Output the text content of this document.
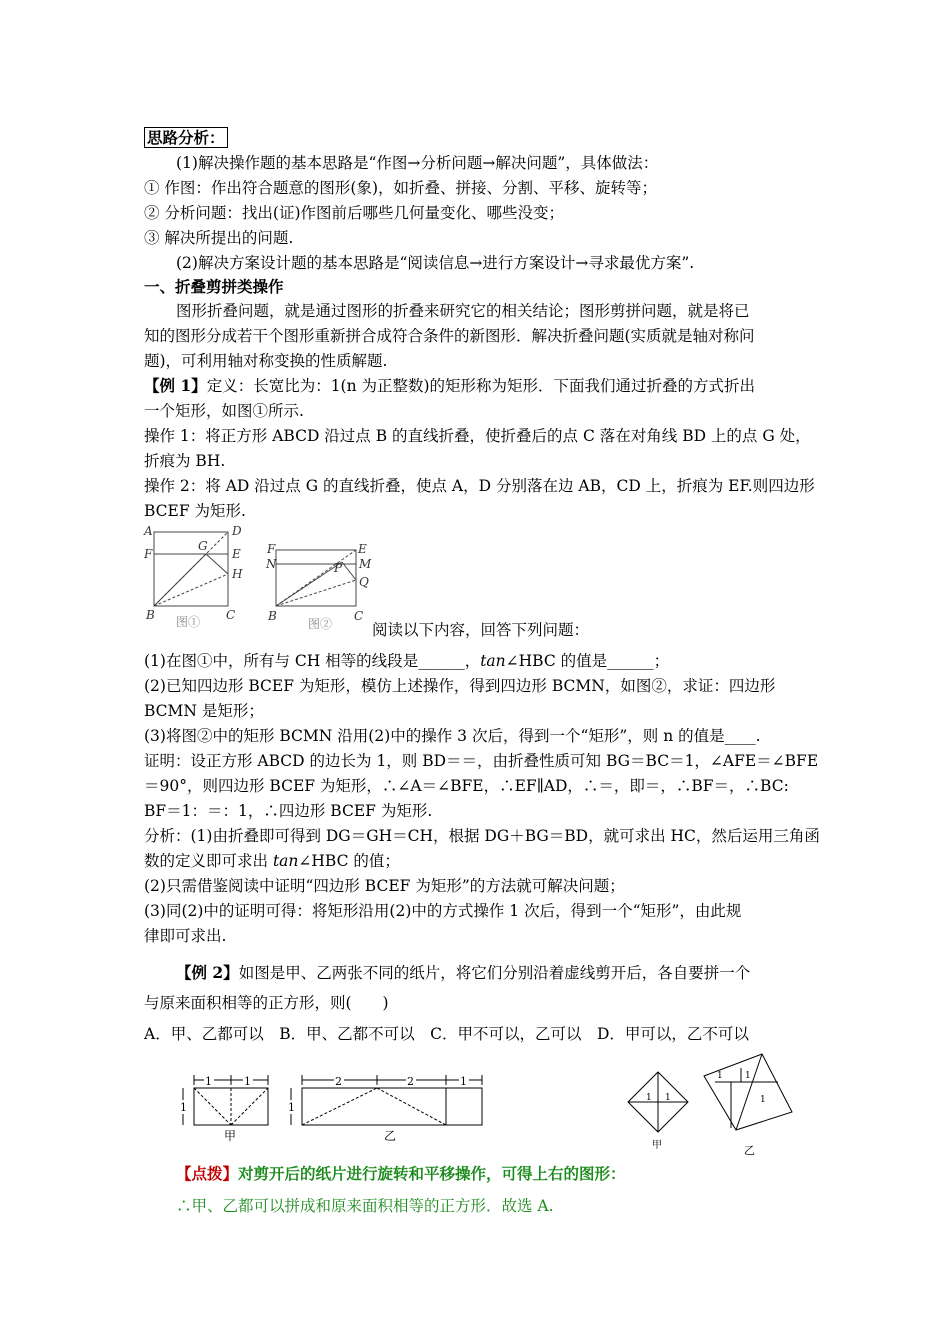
思路分析：
(1)解决操作题的基本思路是“作图→分析问题→解决问题”，具体做法：
① 作图：作出符合题意的图形(象)，如折叠、拼接、分割、平移、旋转等；
② 分析问题：找出(证)作图前后哪些几何量变化、哪些没变；
③ 解决所提出的问题.
(2)解决方案设计题的基本思路是“阅读信息→进行方案设计→寻求最优方案”.
一、折叠剪拼类操作
图形折叠问题，就是通过图形的折叠来研究它的相关结论；图形剪拼问题，就是将已
知的图形分成若干个图形重新拼合成符合条件的新图形．解决折叠问题(实质就是轴对称问
题)，可利用轴对称变换的性质解题.
【例 1】定义：长宽比为：1(n 为正整数)的矩形称为矩形．下面我们通过折叠的方式折出
一个矩形，如图①所示.
操作 1：将正方形 ABCD 沿过点 B 的直线折叠，使折叠后的点 C 落在对角线 BD 上的点 G 处，
折痕为 BH.
操作 2：将 AD 沿过点 G 的直线折叠，使点 A，D 分别落在边 AB，CD 上，折痕为 EF.则四边形
BCEF 为矩形.
A	D
F
G
E
H
B	C
图①
F	E
N	M
P
Q
B	C
图②	阅读以下内容，回答下列问题：
(1)在图①中，所有与 CH 相等的线段是______，tan∠HBC 的值是______；
(2)已知四边形 BCEF 为矩形，模仿上述操作，得到四边形 BCMN，如图②，求证：四边形
BCMN 是矩形；
(3)将图②中的矩形 BCMN 沿用(2)中的操作 3 次后，得到一个“矩形”，则 n 的值是____.
证明：设正方形 ABCD 的边长为 1，则 BD＝＝，由折叠性质可知 BG＝BC＝1，∠AFE＝∠BFE
＝90°，则四边形 BCEF 为矩形，∴∠A＝∠BFE，∴EF∥AD，∴＝，即＝，∴BF＝，∴BC:
BF＝1：＝：1，∴四边形 BCEF 为矩形.
分析：(1)由折叠即可得到 DG＝GH＝CH，根据 DG＋BG＝BD，就可求出 HC，然后运用三角函
数的定义即可求出 tan∠HBC 的值；
(2)只需借鉴阅读中证明“四边形 BCEF 为矩形”的方法就可解决问题；
(3)同(2)中的证明可得：将矩形沿用(2)中的方式操作 1 次后，得到一个“矩形”，由此规
律即可求出.
【例 2】如图是甲、乙两张不同的纸片，将它们分别沿着虚线剪开后，各自要拼一个
与原来面积相等的正方形，则(　　)
A．甲、乙都可以　B．甲、乙都不可以　C．甲不可以，乙可以　D．甲可以，乙不可以
1	1
1
甲
2	2	1
1
乙
1 1
甲
1 1
1
乙
【点拨】对剪开后的纸片进行旋转和平移操作，可得上右的图形：
∴甲、乙都可以拼成和原来面积相等的正方形．故选 A.
